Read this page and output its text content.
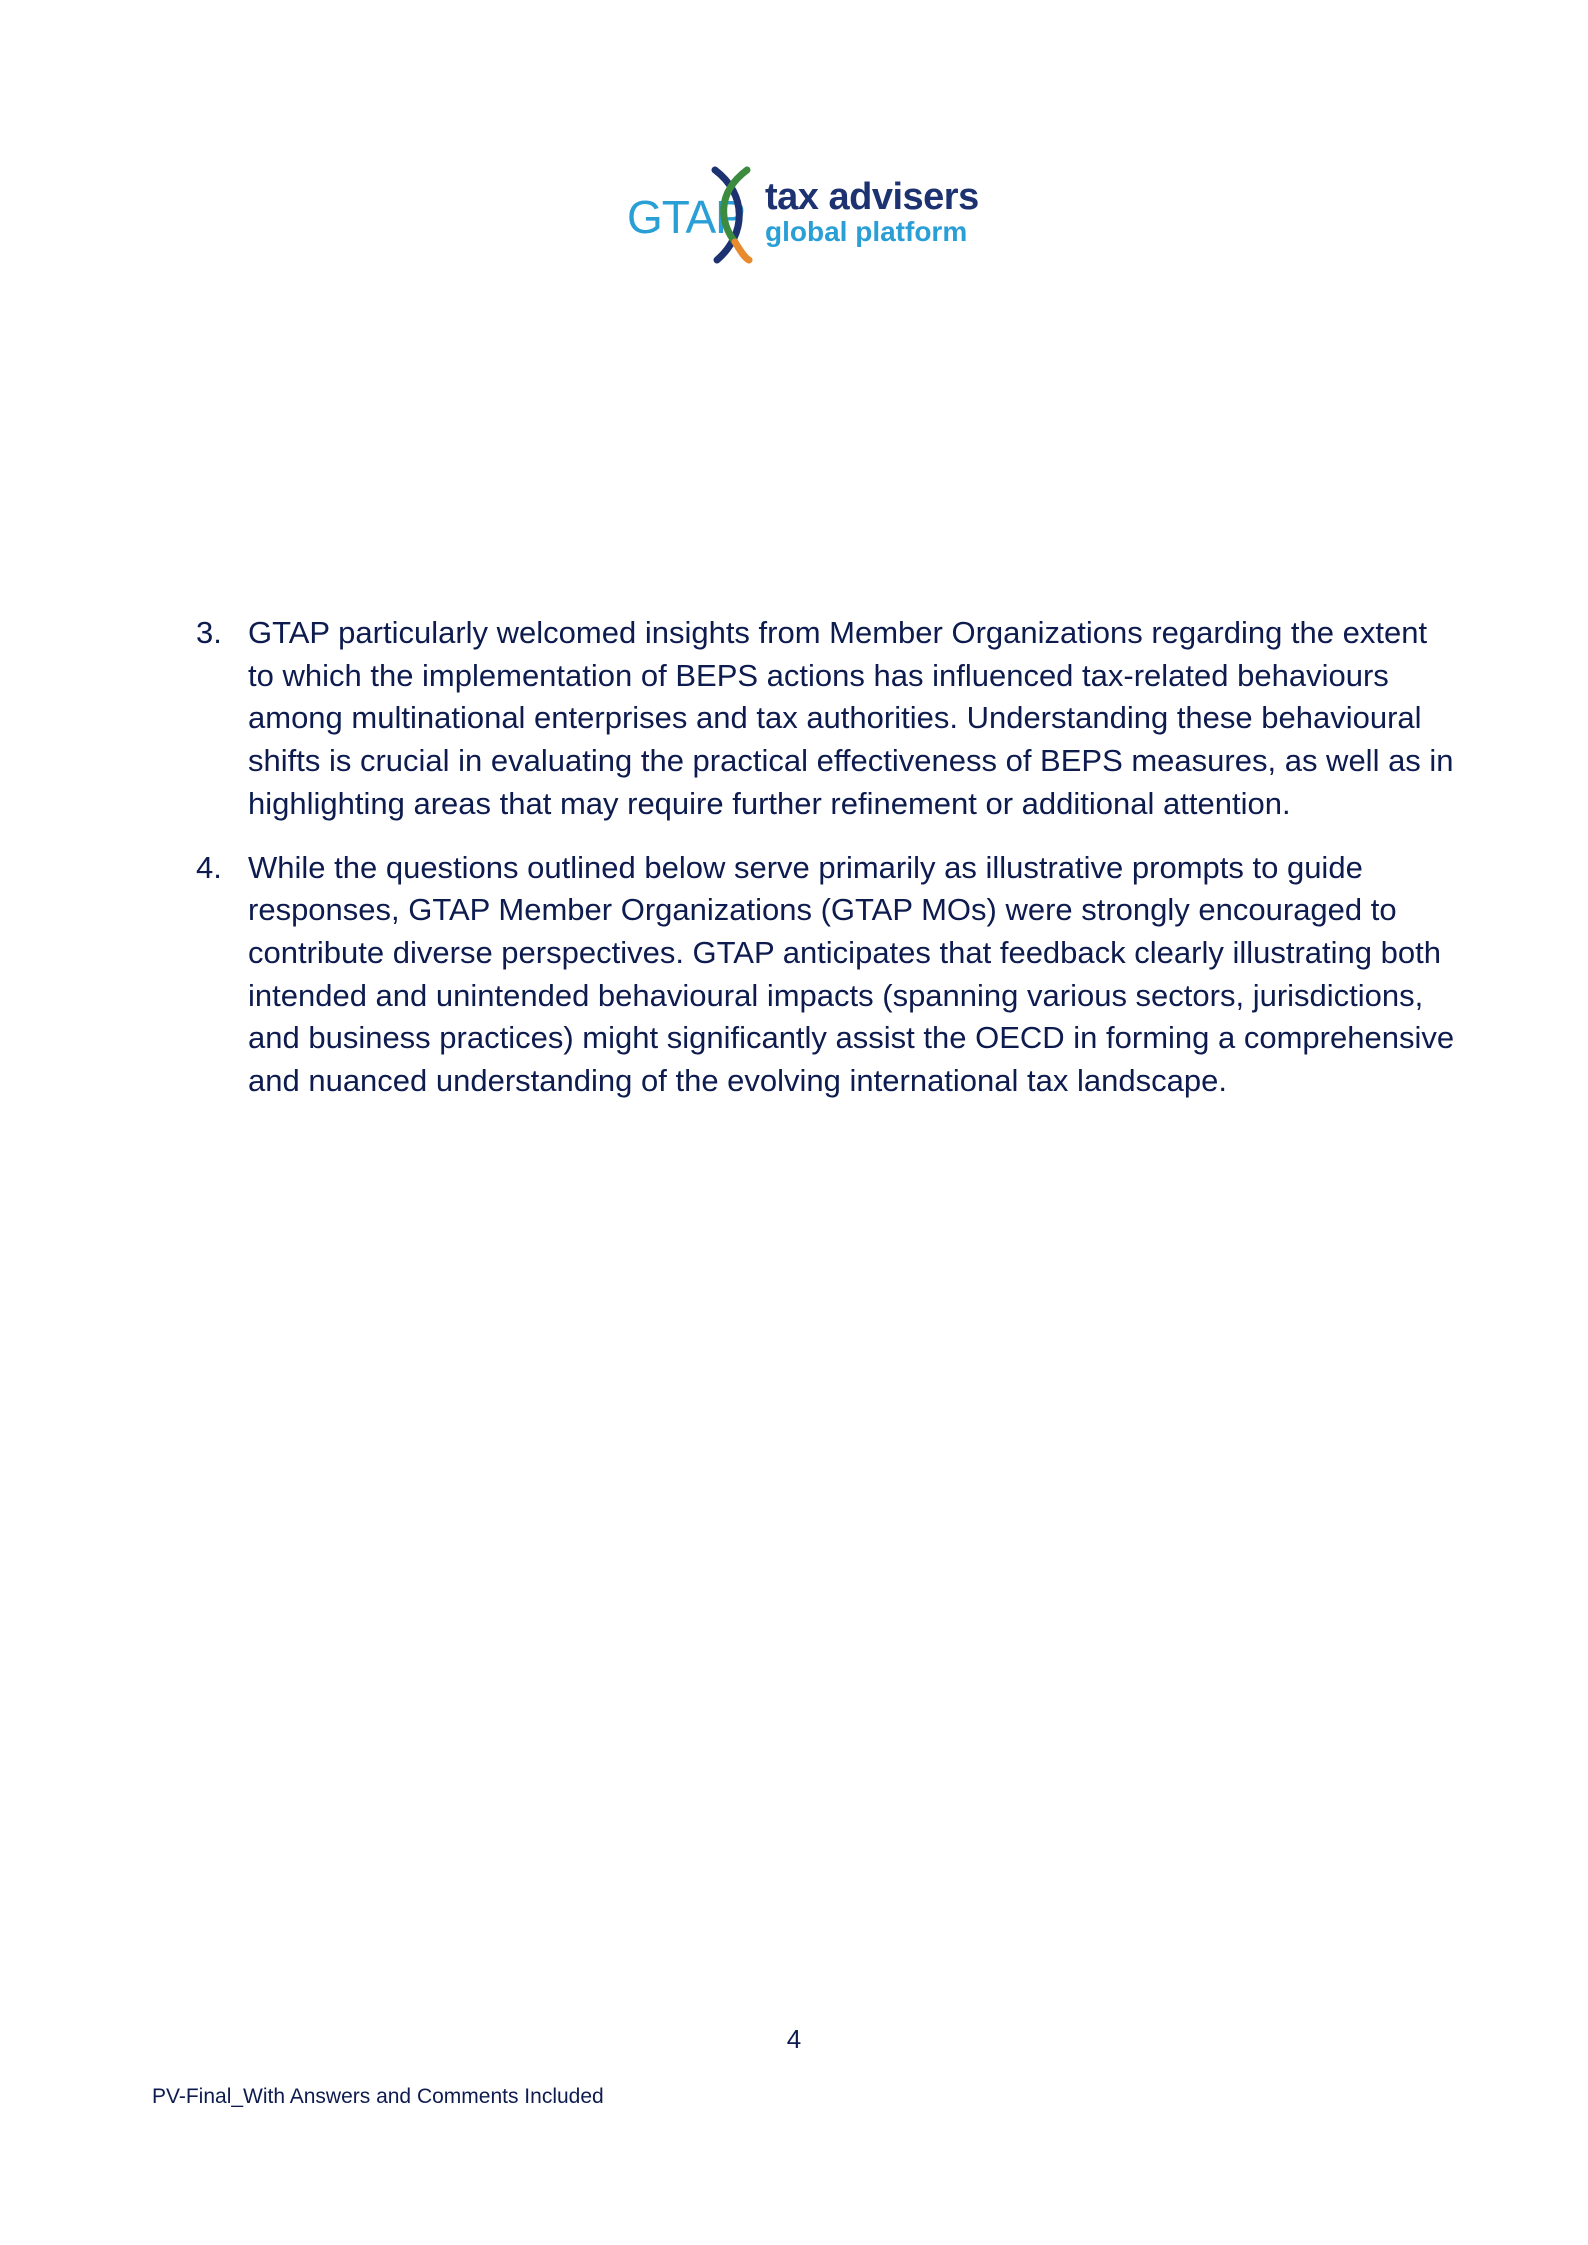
GTAP tax advisers
global platform

3. GTAP particularly welcomed insights from Member Organizations regarding the extent to which the implementation of BEPS actions has influenced tax-related behaviours among multinational enterprises and tax authorities. Understanding these behavioural shifts is crucial in evaluating the practical effectiveness of BEPS measures, as well as in highlighting areas that may require further refinement or additional attention.

4. While the questions outlined below serve primarily as illustrative prompts to guide responses, GTAP Member Organizations (GTAP MOs) were strongly encouraged to contribute diverse perspectives. GTAP anticipates that feedback clearly illustrating both intended and unintended behavioural impacts (spanning various sectors, jurisdictions, and business practices) might significantly assist the OECD in forming a comprehensive and nuanced understanding of the evolving international tax landscape.

4
PV-Final_With Answers and Comments Included
